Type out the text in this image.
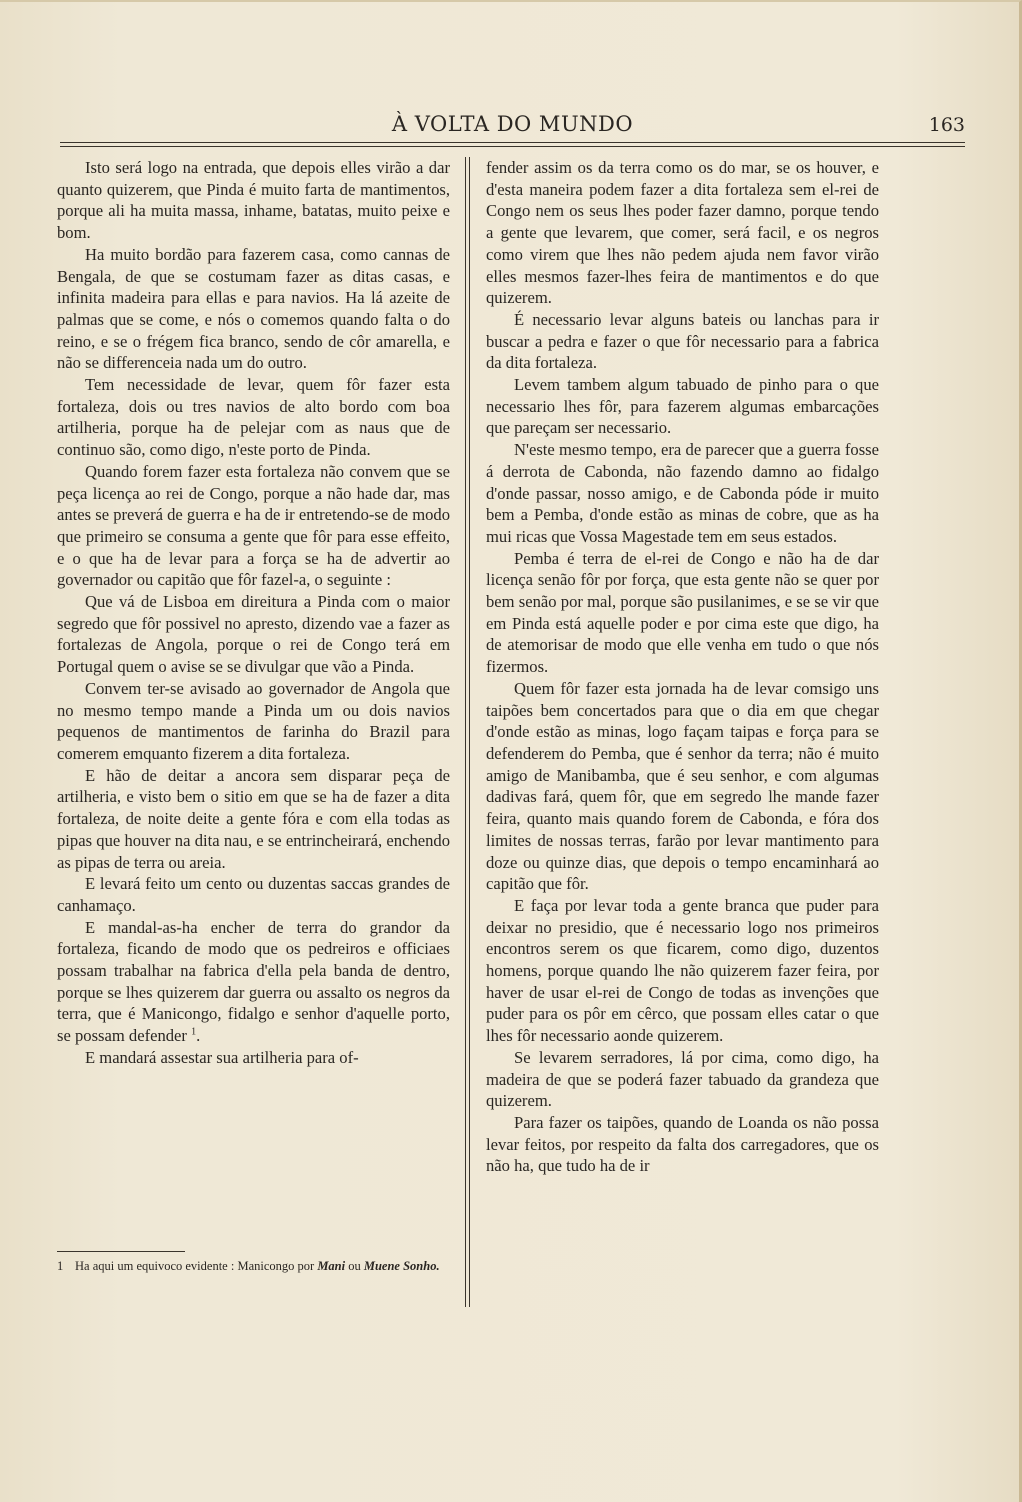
À VOLTA DO MUNDO	163

Isto será logo na entrada, que depois elles virão a dar quanto quizerem, que Pinda é muito farta de mantimentos, porque ali ha muita massa, inhame, batatas, muito peixe e bom.

Ha muito bordão para fazerem casa, como cannas de Bengala, de que se costumam fazer as ditas casas, e infinita madeira para ellas e para navios. Ha lá azeite de palmas que se come, e nós o comemos quando falta o do reino, e se o frégem fica branco, sendo de côr amarella, e não se differenceia nada um do outro.

Tem necessidade de levar, quem fôr fazer esta fortaleza, dois ou tres navios de alto bordo com boa artilheria, porque ha de pelejar com as naus que de continuo são, como digo, n'este porto de Pinda.

Quando forem fazer esta fortaleza não convem que se peça licença ao rei de Congo, porque a não hade dar, mas antes se preverá de guerra e ha de ir entretendo-se de modo que primeiro se consuma a gente que fôr para esse effeito, e o que ha de levar para a força se ha de advertir ao governador ou capitão que fôr fazel-a, o seguinte :

Que vá de Lisboa em direitura a Pinda com o maior segredo que fôr possivel no apresto, dizendo vae a fazer as fortalezas de Angola, porque o rei de Congo terá em Portugal quem o avise se se divulgar que vão a Pinda.

Convem ter-se avisado ao governador de Angola que no mesmo tempo mande a Pinda um ou dois navios pequenos de mantimentos de farinha do Brazil para comerem emquanto fizerem a dita fortaleza.

E hão de deitar a ancora sem disparar peça de artilheria, e visto bem o sitio em que se ha de fazer a dita fortaleza, de noite deite a gente fóra e com ella todas as pipas que houver na dita nau, e se entrincheirará, enchendo as pipas de terra ou areia.

E levará feito um cento ou duzentas saccas grandes de canhamaço.

E mandal-as-ha encher de terra do grandor da fortaleza, ficando de modo que os pedreiros e officiaes possam trabalhar na fabrica d'ella pela banda de dentro, porque se lhes quizerem dar guerra ou assalto os negros da terra, que é Manicongo, fidalgo e senhor d'aquelle porto, se possam defender $^1$.

E mandará assestar sua artilheria para of-

fender assim os da terra como os do mar, se os houver, e d'esta maneira podem fazer a dita fortaleza sem el-rei de Congo nem os seus lhes poder fazer damno, porque tendo a gente que levarem, que comer, será facil, e os negros como virem que lhes não pedem ajuda nem favor virão elles mesmos fazer-lhes feira de mantimentos e do que quizerem.

É necessario levar alguns bateis ou lanchas para ir buscar a pedra e fazer o que fôr necessario para a fabrica da dita fortaleza.

Levem tambem algum tabuado de pinho para o que necessario lhes fôr, para fazerem algumas embarcações que pareçam ser necessario.

N'este mesmo tempo, era de parecer que a guerra fosse á derrota de Cabonda, não fazendo damno ao fidalgo d'onde passar, nosso amigo, e de Cabonda póde ir muito bem a Pemba, d'onde estão as minas de cobre, que as ha mui ricas que Vossa Magestade tem em seus estados.

Pemba é terra de el-rei de Congo e não ha de dar licença senão fôr por força, que esta gente não se quer por bem senão por mal, porque são pusilanimes, e se se vir que em Pinda está aquelle poder e por cima este que digo, ha de atemorisar de modo que elle venha em tudo o que nós fizermos.

Quem fôr fazer esta jornada ha de levar comsigo uns taipões bem concertados para que o dia em que chegar d'onde estão as minas, logo façam taipas e força para se defenderem do Pemba, que é senhor da terra; não é muito amigo de Manibamba, que é seu senhor, e com algumas dadivas fará, quem fôr, que em segredo lhe mande fazer feira, quanto mais quando forem de Cabonda, e fóra dos limites de nossas terras, farão por levar mantimento para doze ou quinze dias, que depois o tempo encaminhará ao capitão que fôr.

E faça por levar toda a gente branca que puder para deixar no presidio, que é necessario logo nos primeiros encontros serem os que ficarem, como digo, duzentos homens, porque quando lhe não quizerem fazer feira, por haver de usar el-rei de Congo de todas as invenções que puder para os pôr em cêrco, que possam elles catar o que lhes fôr necessario aonde quizerem.

Se levarem serradores, lá por cima, como digo, ha madeira de que se poderá fazer tabuado da grandeza que quizerem.

Para fazer os taipões, quando de Loanda os não possa levar feitos, por respeito da falta dos carregadores, que os não ha, que tudo ha de ir

1 Ha aqui um equivoco evidente : Manicongo por Mani ou Muene Sonho.
